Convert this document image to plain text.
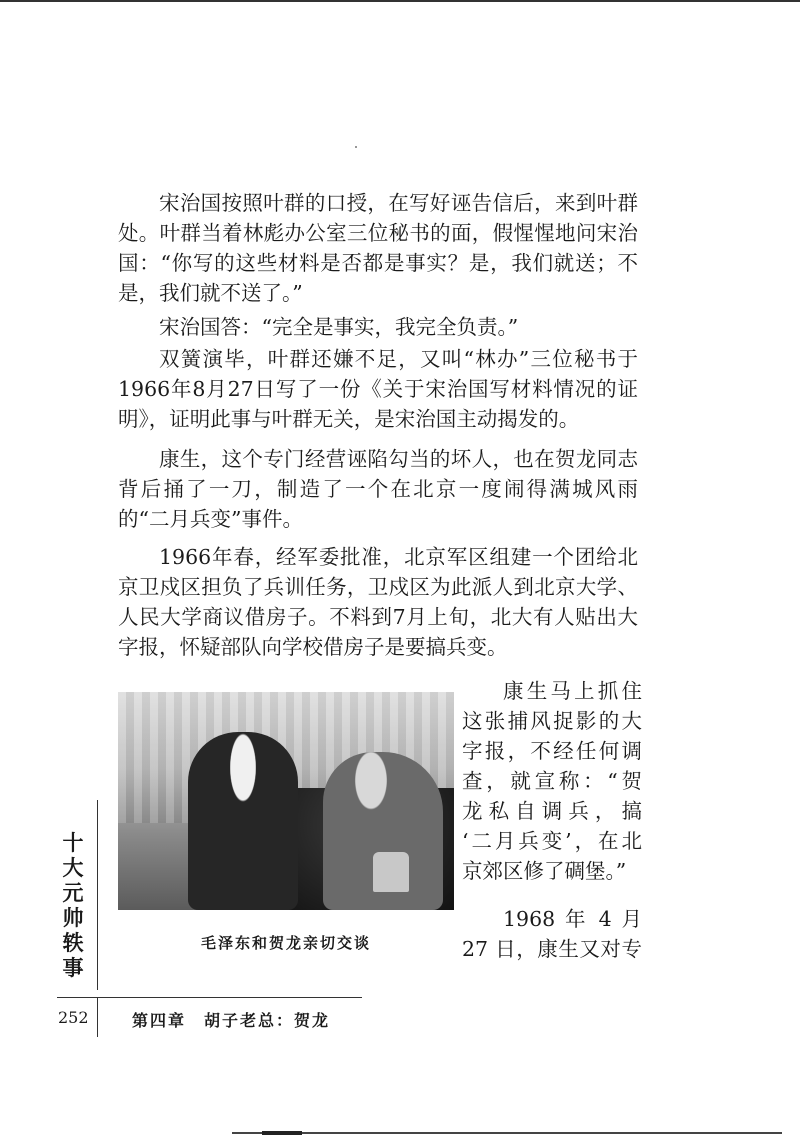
宋治国按照叶群的口授，在写好诬告信后，来到叶群处。叶群当着林彪办公室三位秘书的面，假惺惺地问宋治国：“你写的这些材料是否都是事实？是，我们就送；不是，我们就不送了。”

宋治国答：“完全是事实，我完全负责。”

双簧演毕，叶群还嫌不足，又叫“林办”三位秘书于1966年8月27日写了一份《关于宋治国写材料情况的证明》，证明此事与叶群无关，是宋治国主动揭发的。

康生，这个专门经营诬陷勾当的坏人，也在贺龙同志背后捅了一刀，制造了一个在北京一度闹得满城风雨的“二月兵变”事件。

1966年春，经军委批准，北京军区组建一个团给北京卫戍区担负了兵训任务，卫戍区为此派人到北京大学、人民大学商议借房子。不料到7月上旬，北大有人贴出大字报，怀疑部队向学校借房子是要搞兵变。

毛泽东和贺龙亲切交谈

康生马上抓住
这张捕风捉影的大
字报，不经任何调
查，就宣称：“贺
龙私自调兵，搞
‘二月兵变’，在北
京郊区修了碉堡。”

1968 年 4 月
27 日，康生又对专

十
大
元
帅
轶
事
252	第四章　胡子老总：贺龙
